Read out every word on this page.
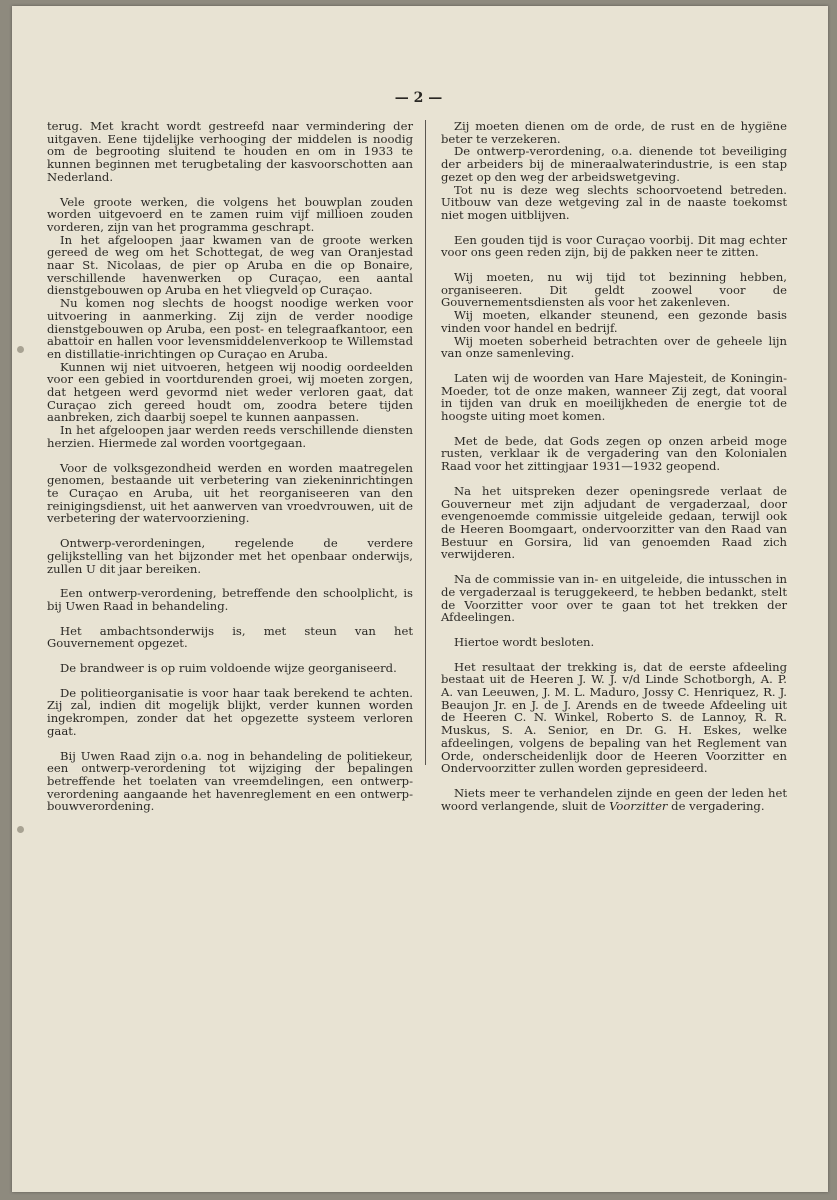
— 2 —

terug. Met kracht wordt gestreefd naar vermindering der uitgaven. Eene tijdelijke verhooging der middelen is noodig om de begrooting sluitend te houden en om in 1933 te kunnen beginnen met terugbetaling der kasvoorschotten aan Nederland.

Vele groote werken, die volgens het bouwplan zouden worden uitgevoerd en te zamen ruim vijf millioen zouden vorderen, zijn van het programma geschrapt.

In het afgeloopen jaar kwamen van de groote werken gereed de weg om het Schottegat, de weg van Oranjestad naar St. Nicolaas, de pier op Aruba en die op Bonaire, verschillende havenwerken op Curaçao, een aantal dienstgebouwen op Aruba en het vliegveld op Curaçao.

Nu komen nog slechts de hoogst noodige werken voor uitvoering in aanmerking. Zij zijn de verder noodige dienstgebouwen op Aruba, een post- en telegraafkantoor, een abattoir en hallen voor levensmiddelenverkoop te Willemstad en distillatie-inrichtingen op Curaçao en Aruba.

Kunnen wij niet uitvoeren, hetgeen wij noodig oordeelden voor een gebied in voortdurenden groei, wij moeten zorgen, dat hetgeen werd gevormd niet weder verloren gaat, dat Curaçao zich gereed houdt om, zoodra betere tijden aanbreken, zich daarbij soepel te kunnen aanpassen.

In het afgeloopen jaar werden reeds verschillende diensten herzien. Hiermede zal worden voortgegaan.

Voor de volksgezondheid werden en worden maatregelen genomen, bestaande uit verbetering van ziekeninrichtingen te Curaçao en Aruba, uit het reorganiseeren van den reinigingsdienst, uit het aanwerven van vroedvrouwen, uit de verbetering der watervoorziening.

Ontwerp-verordeningen, regelende de verdere gelijkstelling van het bijzonder met het openbaar onderwijs, zullen U dit jaar bereiken.

Een ontwerp-verordening, betreffende den schoolplicht, is bij Uwen Raad in behandeling.

Het ambachtsonderwijs is, met steun van het Gouvernement opgezet.

De brandweer is op ruim voldoende wijze georganiseerd.

De politieorganisatie is voor haar taak berekend te achten. Zij zal, indien dit mogelijk blijkt, verder kunnen worden ingekrompen, zonder dat het opgezette systeem verloren gaat.

Bij Uwen Raad zijn o.a. nog in behandeling de politiekeur, een ontwerp-verordening tot wijziging der bepalingen betreffende het toelaten van vreemdelingen, een ontwerp-verordening aangaande het havenreglement en een ontwerp-bouwverordening.

Zij moeten dienen om de orde, de rust en de hygiëne beter te verzekeren.

De ontwerp-verordening, o.a. dienende tot beveiliging der arbeiders bij de mineraalwaterindustrie, is een stap gezet op den weg der arbeidswetgeving.

Tot nu is deze weg slechts schoorvoetend betreden. Uitbouw van deze wetgeving zal in de naaste toekomst niet mogen uitblijven.

Een gouden tijd is voor Curaçao voorbij. Dit mag echter voor ons geen reden zijn, bij de pakken neer te zitten.

Wij moeten, nu wij tijd tot bezinning hebben, organiseeren. Dit geldt zoowel voor de Gouvernementsdiensten als voor het zakenleven.

Wij moeten, elkander steunend, een gezonde basis vinden voor handel en bedrijf.

Wij moeten soberheid betrachten over de geheele lijn van onze samenleving.

Laten wij de woorden van Hare Majesteit, de Koningin-Moeder, tot de onze maken, wanneer Zij zegt, dat vooral in tijden van druk en moeilijkheden de energie tot de hoogste uiting moet komen.

Met de bede, dat Gods zegen op onzen arbeid moge rusten, verklaar ik de vergadering van den Kolonialen Raad voor het zittingjaar 1931—1932 geopend.

Na het uitspreken dezer openingsrede verlaat de Gouverneur met zijn adjudant de vergaderzaal, door evengenoemde commissie uitgeleide gedaan, terwijl ook de Heeren Boomgaart, ondervoorzitter van den Raad van Bestuur en Gorsira, lid van genoemden Raad zich verwijderen.

Na de commissie van in- en uitgeleide, die intusschen in de vergaderzaal is teruggekeerd, te hebben bedankt, stelt de Voorzitter voor over te gaan tot het trekken der Afdeelingen.

Hiertoe wordt besloten.

Het resultaat der trekking is, dat de eerste afdeeling bestaat uit de Heeren J. W. J. v/d Linde Schotborgh, A. P. A. van Leeuwen, J. M. L. Maduro, Jossy C. Henriquez, R. J. Beaujon Jr. en J. de J. Arends en de tweede Afdeeling uit de Heeren C. N. Winkel, Roberto S. de Lannoy, R. R. Muskus, S. A. Senior, en Dr. G. H. Eskes, welke afdeelingen, volgens de bepaling van het Reglement van Orde, onderscheidenlijk door de Heeren Voorzitter en Ondervoorzitter zullen worden gepresideerd.

Niets meer te verhandelen zijnde en geen der leden het woord verlangende, sluit de Voorzitter de vergadering.
